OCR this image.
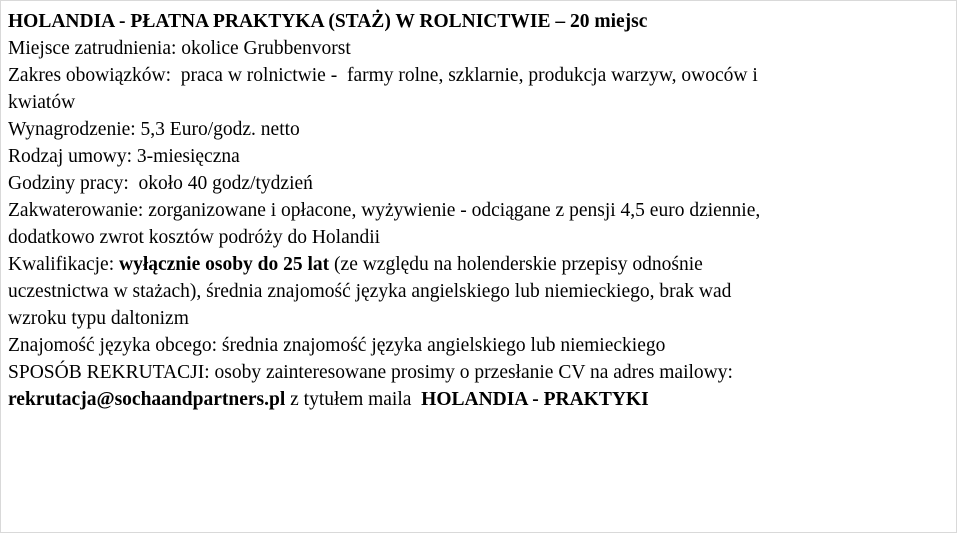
HOLANDIA - PŁATNA PRAKTYKA (STAŻ) W ROLNICTWIE – 20 miejsc
Miejsce zatrudnienia: okolice Grubbenvorst
Zakres obowiązków:  praca w rolnictwie -  farmy rolne, szklarnie, produkcja warzyw, owoców i
kwiatów
Wynagrodzenie: 5,3 Euro/godz. netto
Rodzaj umowy: 3-miesięczna
Godziny pracy:  około 40 godz/tydzień
Zakwaterowanie: zorganizowane i opłacone, wyżywienie - odciągane z pensji 4,5 euro dziennie,
dodatkowo zwrot kosztów podróży do Holandii
Kwalifikacje: wyłącznie osoby do 25 lat (ze względu na holenderskie przepisy odnośnie
uczestnictwa w stażach), średnia znajomość języka angielskiego lub niemieckiego, brak wad
wzroku typu daltonizm
Znajomość języka obcego: średnia znajomość języka angielskiego lub niemieckiego
SPOSÓB REKRUTACJI: osoby zainteresowane prosimy o przesłanie CV na adres mailowy:
rekrutacja@sochaandpartners.pl z tytułem maila  HOLANDIA - PRAKTYKI
